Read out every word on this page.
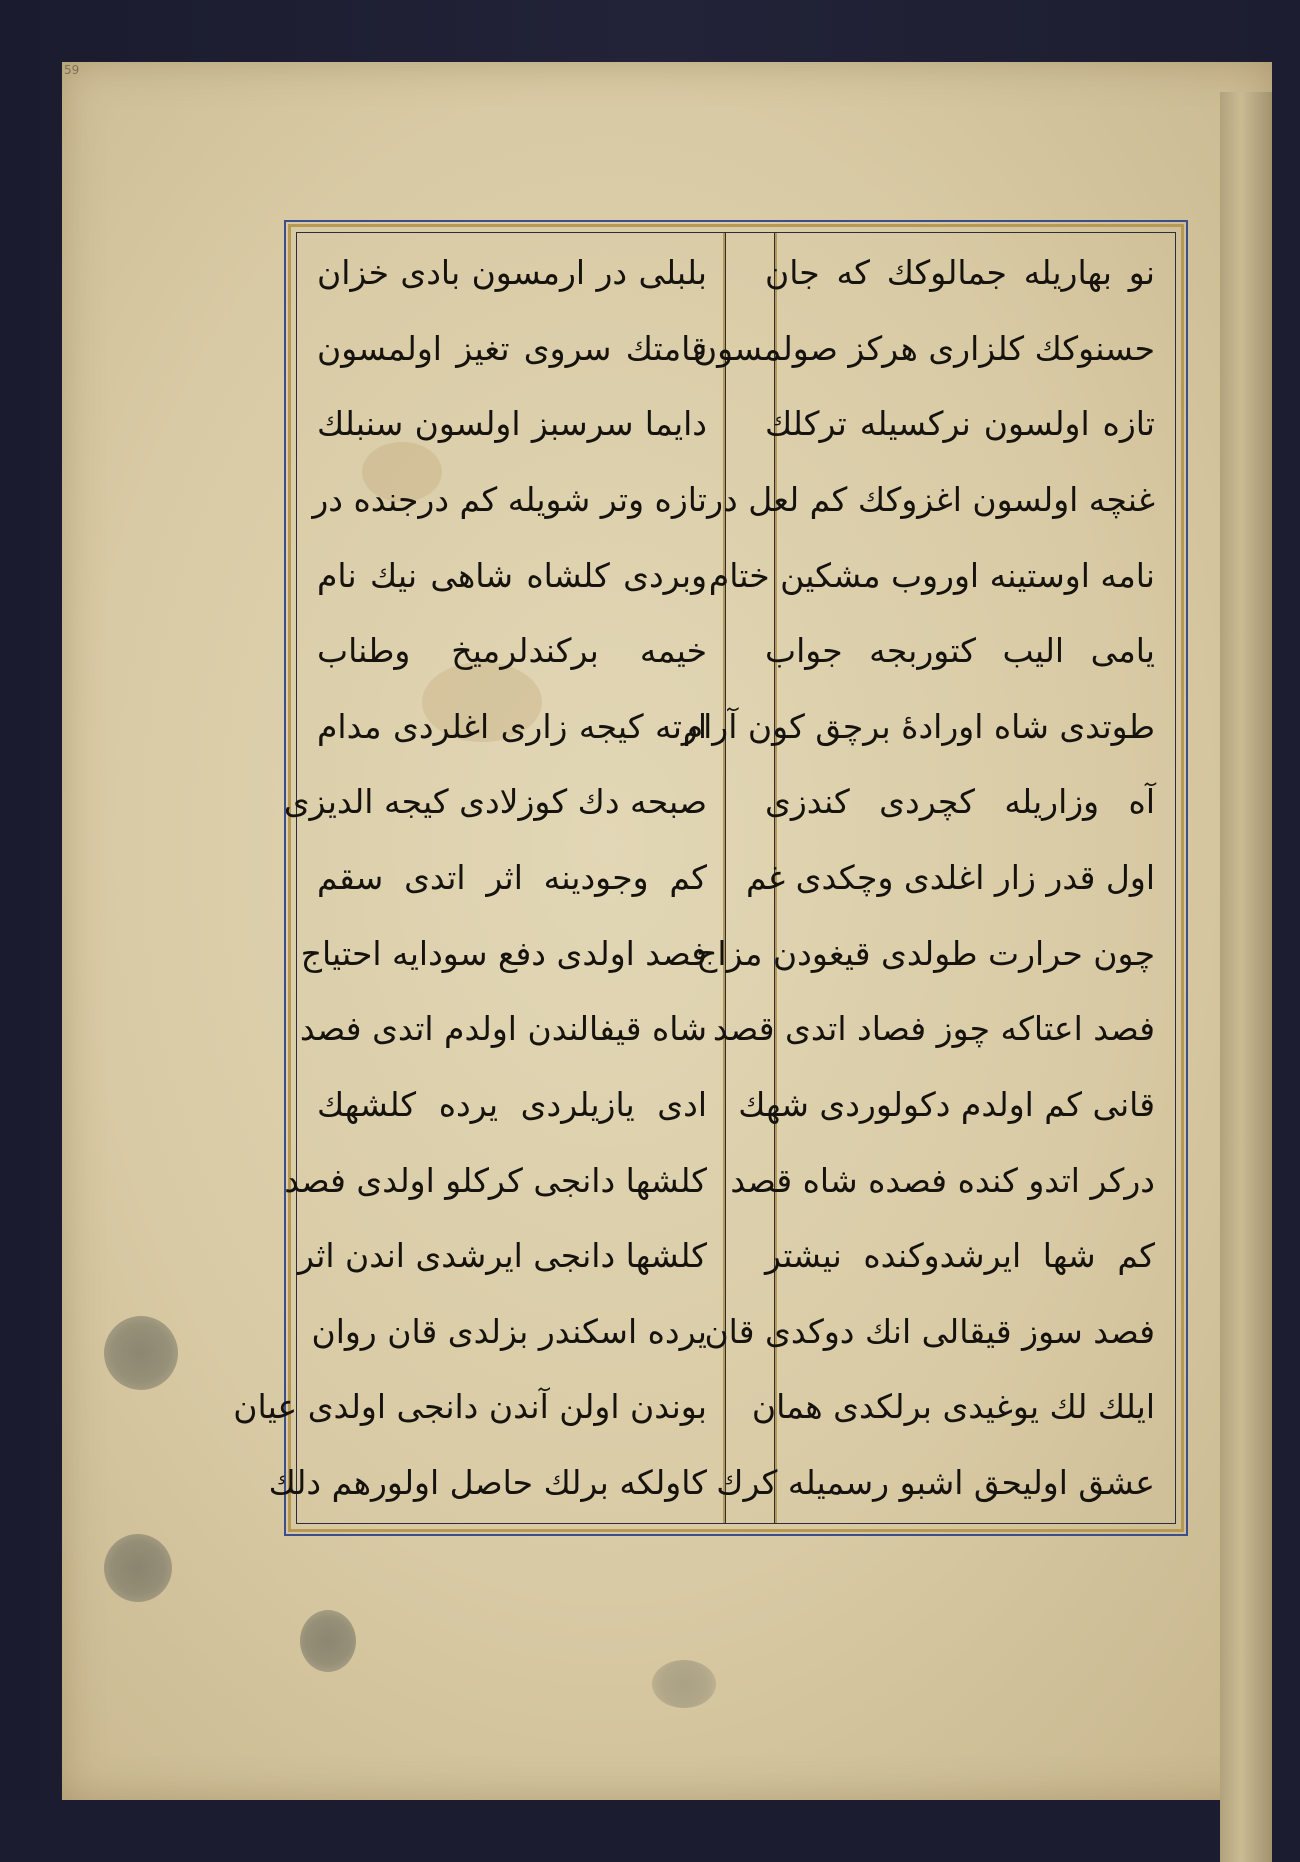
59
نو بهاریله جمالوکك که جان
حسنوکك کلزاری هرکز صولمسون
تازه اولسون نرکسیله ترکلك
غنچه اولسون اغزوکك کم لعل در
نامه اوستینه اوروب مشکین ختام
یامی الیب کتوربجه جواب
طوتدی شاه اورادهٔ برچق کون آرام
آه وزاریله کچردی کندزی
اول قدر زار اغلدی وچکدی غم
چون حرارت طولدی قیغودن مزاج
فصد اعتاکه چوز فصاد اتدی قصد
قانی کم اولدم دکولوردی شهك
درکر اتدو کنده فصده شاه قصد
کم شها ایرشدوکنده نیشتر
فصد سوز قیقالی انك دوکدی قان
ایلك لك یوغیدی برلکدی همان
عشق اولیحق اشبو رسمیله کرك
بلبلی در ارمسون بادی خزان
قامتك سروی تغیز اولمسون
دایما سرسبز اولسون سنبلك
تازه وتر شویله کم درجنده در
وبردی کلشاه شاهی نیك نام
خیمه برکندلرمیخ وطناب
ارته کیجه زاری اغلردی مدام
صبحه دك کوزلادی کیجه الدیزی
کم وجودینه اثر اتدی سقم
فصد اولدی دفع سودایه احتیاج
شاه قیفالندن اولدم اتدی فصد
ادی یازیلردی یرده کلشهك
کلشها دانجی کرکلو اولدی فصد
کلشها دانجی ایرشدی اندن اثر
یرده اسکندر بزلدی قان روان
بوندن اولن آندن دانجی اولدی عیان
کاولکه برلك حاصل اولورهم دلك
